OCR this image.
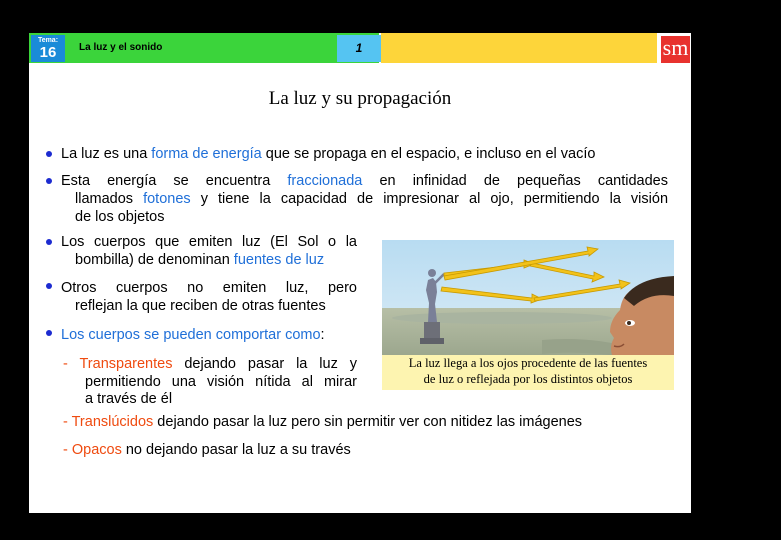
Tema:
16	La luz y el sonido	1	Cosmos - Ciencias de la Naturaleza 1º ESO
sm
La luz y su propagación
La luz es una forma de energía que se propaga en el espacio, e incluso en el vacío
Esta energía se encuentra fraccionada en infinidad de pequeñas cantidades
llamados fotones y tiene la capacidad de impresionar al ojo, permitiendo la visión
de los objetos
Los cuerpos que emiten luz (El Sol o la
bombilla) de denominan fuentes de luz
Otros cuerpos no emiten luz, pero
reflejan la que reciben de otras fuentes
Los cuerpos se pueden comportar como:
- Transparentes dejando pasar la luz y
permitiendo una visión nítida al mirar
a través de él
- Translúcidos dejando pasar la luz pero sin permitir ver con nitidez las imágenes
- Opacos no dejando pasar la luz a su través
La luz llega a los ojos procedente de las fuentes
de luz o reflejada por los distintos objetos
